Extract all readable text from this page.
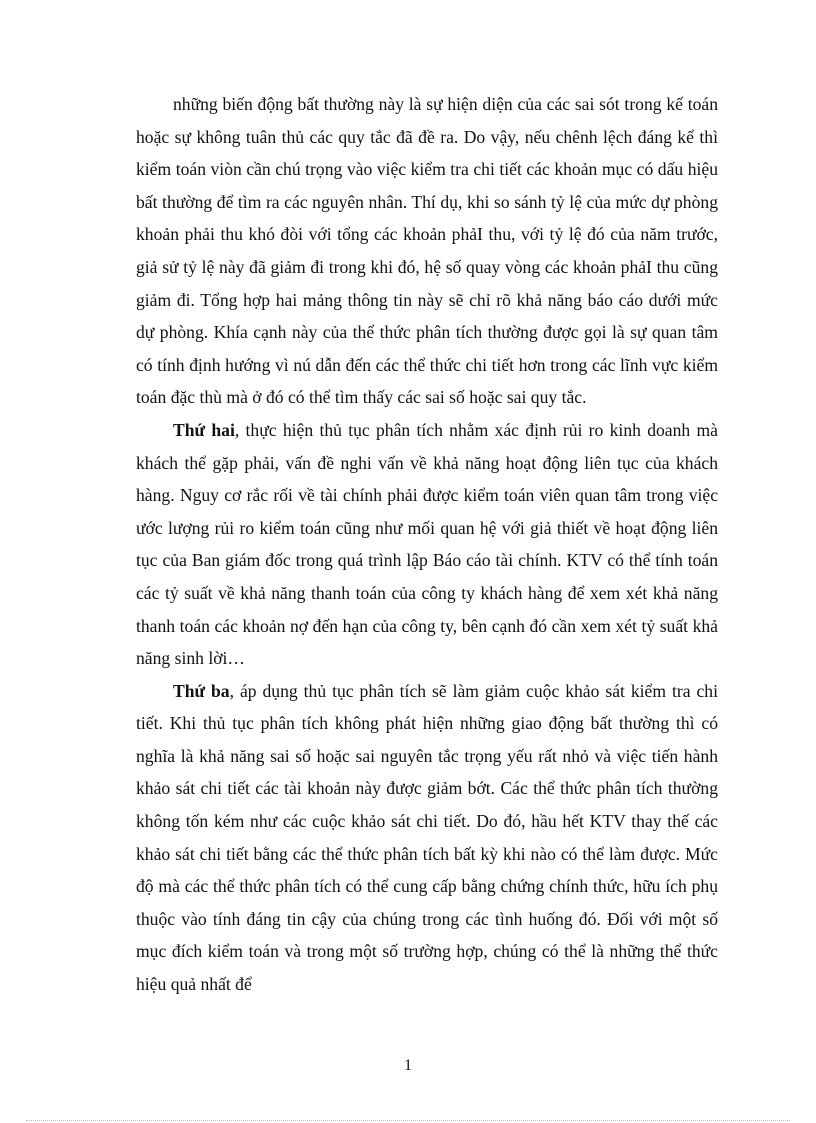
những biến động bất thường này là sự hiện diện của các sai sót trong kế toán hoặc sự không tuân thủ các quy tắc đã đề ra. Do vậy, nếu chênh lệch đáng kể thì kiểm toán viòn cần chú trọng vào việc kiểm tra chi tiết các khoản mục có dấu hiệu bất thường để tìm ra các nguyên nhân. Thí dụ, khi so sánh tỷ lệ của mức dự phòng khoản phải thu khó đòi với tổng các khoản phảI thu, với tỷ lệ đó của năm trước, giả sử tỷ lệ này đã giảm đi trong khi đó, hệ số quay vòng các khoản phảI thu cũng giảm đi. Tổng hợp hai mảng thông tin này sẽ chỉ rõ khả năng báo cáo dưới mức dự phòng. Khía cạnh này của thể thức phân tích thường được gọi là sự quan tâm có tính định hướng vì nú dẫn đến các thể thức chi tiết hơn trong các lĩnh vực kiểm toán đặc thù mà ở đó có thể tìm thấy các sai số hoặc sai quy tắc.

Thứ hai, thực hiện thủ tục phân tích nhằm xác định rủi ro kinh doanh mà khách thể gặp phải, vấn đề nghi vấn về khả năng hoạt động liên tục của khách hàng. Nguy cơ rắc rối về tài chính phải được kiểm toán viên quan tâm trong việc ước lượng rủi ro kiểm toán cũng như mối quan hệ với giả thiết về hoạt động liên tục của Ban giám đốc trong quá trình lập Báo cáo tài chính. KTV có thể tính toán các tỷ suất về khả năng thanh toán của công ty khách hàng để xem xét khả năng thanh toán các khoản nợ đến hạn của công ty, bên cạnh đó cần xem xét tỷ suất khả năng sinh lời…

Thứ ba, áp dụng thủ tục phân tích sẽ làm giảm cuộc khảo sát kiểm tra chi tiết. Khi thủ tục phân tích không phát hiện những giao động bất thường thì có nghĩa là khả năng sai số hoặc sai nguyên tắc trọng yếu rất nhỏ và việc tiến hành khảo sát chi tiết các tài khoản này được giảm bớt. Các thể thức phân tích thường không tốn kém như các cuộc khảo sát chi tiết. Do đó, hầu hết KTV thay thế các khảo sát chi tiết bằng các thể thức phân tích bất kỳ khi nào có thể làm được. Mức độ mà các thể thức phân tích có thể cung cấp bằng chứng chính thức, hữu ích phụ thuộc vào tính đáng tin cậy của chúng trong các tình huống đó. Đối với một số mục đích kiểm toán và trong một số trường hợp, chúng có thể là những thể thức hiệu quả nhất để

1
